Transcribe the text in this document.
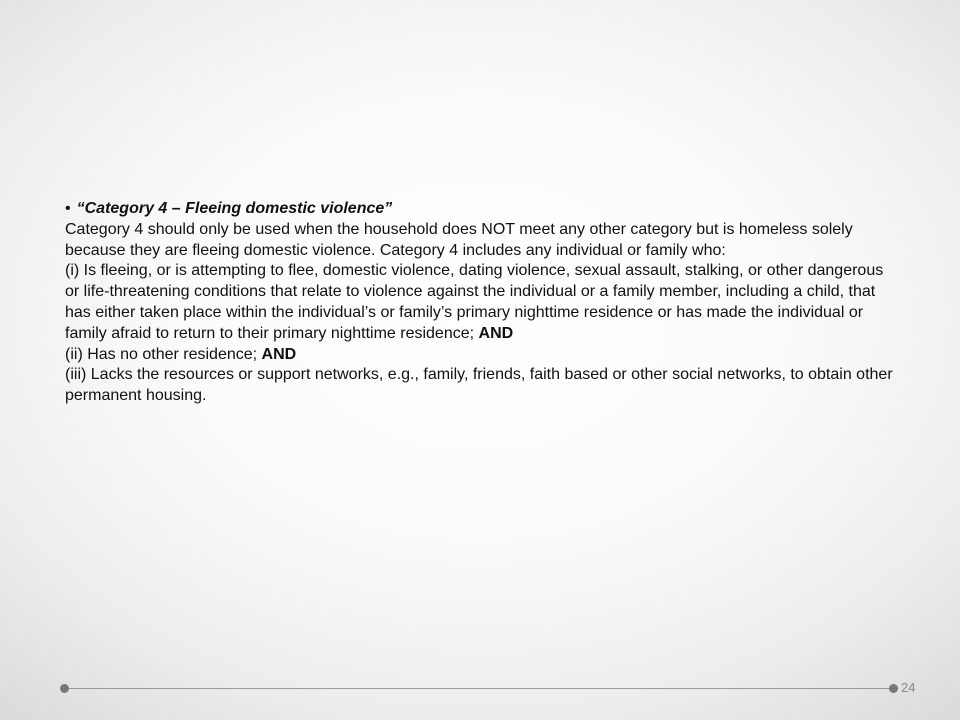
• “Category 4 – Fleeing domestic violence”

Category 4 should only be used when the household does NOT meet any other category but is homeless solely because they are fleeing domestic violence. Category 4 includes any individual or family who:

(i) Is fleeing, or is attempting to flee, domestic violence, dating violence, sexual assault, stalking, or other dangerous or life-threatening conditions that relate to violence against the individual or a family member, including a child, that has either taken place within the individual’s or family’s primary nighttime residence or has made the individual or family afraid to return to their primary nighttime residence; AND

(ii) Has no other residence; AND

(iii) Lacks the resources or support networks, e.g., family, friends, faith based or other social networks, to obtain other permanent housing.

24
